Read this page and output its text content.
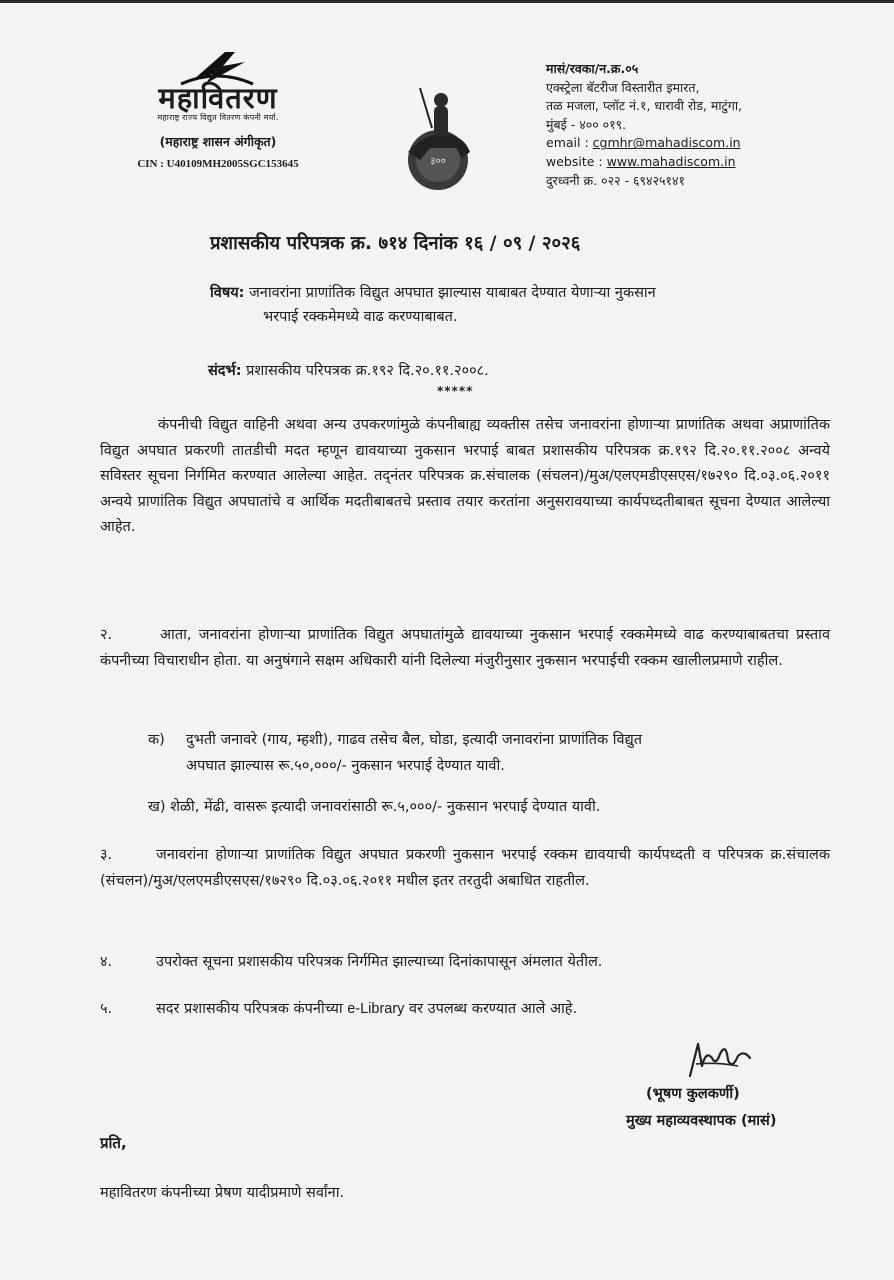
महावितरण
महाराष्ट्र राज्य विद्युत वितरण कंपनी मर्या.
(महाराष्ट्र शासन अंगीकृत)
CIN : U40109MH2005SGC153645	३००
मासं/रवका/न.क्र.०५
एक्स्ट्रेला बॅटरीज विस्तारीत इमारत,
तळ मजला, प्लॉट नं.१, धारावी रोड, माटुंगा,
मुंबई - ४०० ०१९.
email : cgmhr@mahadiscom.in
website : www.mahadiscom.in
दुरध्वनी क्र. ०२२ - ६९४२५१४१
प्रशासकीय परिपत्रक क्र. ७१४ दिनांक १६ / ०९ / २०२६
विषय: जनावरांना प्राणांतिक विद्युत अपघात झाल्यास याबाबत देण्यात येणाऱ्या नुकसान
भरपाई रक्कमेमध्ये वाढ करण्याबाबत.
संदर्भ: प्रशासकीय परिपत्रक क्र.१९२ दि.२०.११.२००८.
*****
कंपनीची विद्युत वाहिनी अथवा अन्य उपकरणांमुळे कंपनीबाह्य व्यक्तीस तसेच जनावरांना होणाऱ्या प्राणांतिक अथवा अप्राणांतिक विद्युत अपघात प्रकरणी तातडीची मदत म्हणून द्यावयाच्या नुकसान भरपाई बाबत प्रशासकीय परिपत्रक क्र.१९२ दि.२०.११.२००८ अन्वये सविस्तर सूचना निर्गमित करण्यात आलेल्या आहेत. तद्नंतर परिपत्रक क्र.संचालक (संचलन)/मुअ/एलएमडीएसएस/१७२९० दि.०३.०६.२०११ अन्वये प्राणांतिक विद्युत अपघातांचे व आर्थिक मदतीबाबतचे प्रस्ताव तयार करतांना अनुसरावयाच्या कार्यपध्दतीबाबत सूचना देण्यात आलेल्या आहेत.
२.	आता, जनावरांना होणाऱ्या प्राणांतिक विद्युत अपघातांमुळे द्यावयाच्या नुकसान भरपाई रक्कमेमध्ये वाढ करण्याबाबतचा प्रस्ताव कंपनीच्या विचाराधीन होता. या अनुषंगाने सक्षम अधिकारी यांनी दिलेल्या मंजुरीनुसार नुकसान भरपाईची रक्कम खालीलप्रमाणे राहील.
क) दुभती जनावरे (गाय, म्हशी), गाढव तसेच बैल, घोडा, इत्यादी जनावरांना प्राणांतिक विद्युत
अपघात झाल्यास रू.५०,०००/- नुकसान भरपाई देण्यात यावी.
ख) शेळी, मेंढी, वासरू इत्यादी जनावरांसाठी रू.५,०००/- नुकसान भरपाई देण्यात यावी.
३.	जनावरांना होणाऱ्या प्राणांतिक विद्युत अपघात प्रकरणी नुकसान भरपाई रक्कम द्यावयाची कार्यपध्दती व परिपत्रक क्र.संचालक (संचलन)/मुअ/एलएमडीएसएस/१७२९० दि.०३.०६.२०११ मधील इतर तरतुदी अबाधित राहतील.
४.	उपरोक्त सूचना प्रशासकीय परिपत्रक निर्गमित झाल्याच्या दिनांकापासून अंमलात येतील.
५.	सदर प्रशासकीय परिपत्रक कंपनीच्या e-Library वर उपलब्ध करण्यात आले आहे.
(भूषण कुलकर्णी)
मुख्य महाव्यवस्थापक (मासं)
प्रति,
महावितरण कंपनीच्या प्रेषण यादीप्रमाणे सर्वांना.
